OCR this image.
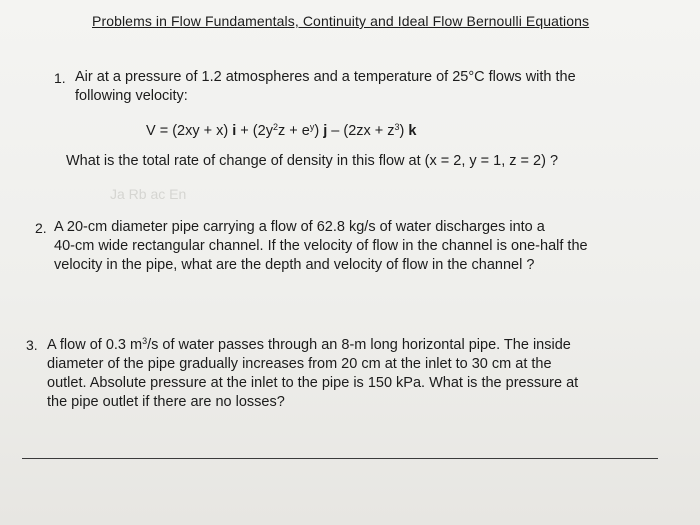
Problems in Flow Fundamentals, Continuity and Ideal Flow Bernoulli Equations
1. Air at a pressure of 1.2 atmospheres and a temperature of 25°C flows with the
following velocity:
V = (2xy + x) $i + (2y^2z + e^y)$ $j - (2zx + z^3)$ k
What is the total rate of change of density in this flow at (x = 2, y = 1, z = 2) ?
Ja Rb ac En
2. A 20-cm diameter pipe carrying a flow of 62.8 kg/s of water discharges into a
40-cm wide rectangular channel. If the velocity of flow in the channel is one-half the
velocity in the pipe, what are the depth and velocity of flow in the channel ?
3. A flow of 0.3 $m^3/s$ of water passes through an 8-m long horizontal pipe. The inside
diameter of the pipe gradually increases from 20 cm at the inlet to 30 cm at the
outlet. Absolute pressure at the inlet to the pipe is 150 kPa. What is the pressure at
the pipe outlet if there are no losses?
